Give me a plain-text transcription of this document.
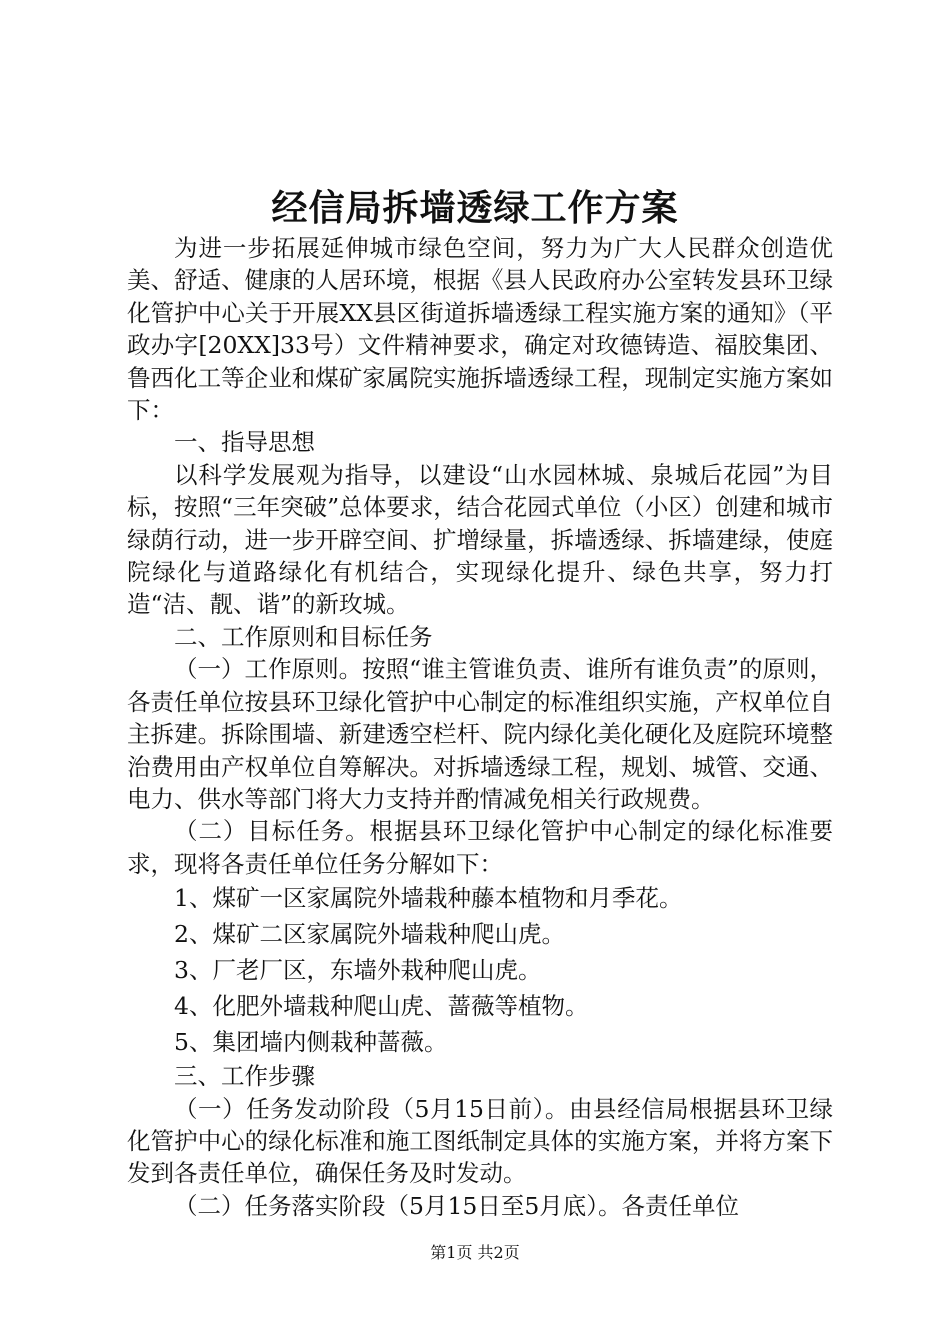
经信局拆墙透绿工作方案

为进一步拓展延伸城市绿色空间，努力为广大人民群众创造优美、舒适、健康的人居环境，根据《县人民政府办公室转发县环卫绿化管护中心关于开展XX县区街道拆墙透绿工程实施方案的通知》（平政办字[20XX]33号）文件精神要求，确定对玫德铸造、福胶集团、鲁西化工等企业和煤矿家属院实施拆墙透绿工程，现制定实施方案如下：

一、指导思想

以科学发展观为指导，以建设“山水园林城、泉城后花园”为目标，按照“三年突破”总体要求，结合花园式单位（小区）创建和城市绿荫行动，进一步开辟空间、扩增绿量，拆墙透绿、拆墙建绿，使庭院绿化与道路绿化有机结合，实现绿化提升、绿色共享，努力打造“洁、靓、谐”的新玫城。

二、工作原则和目标任务

（一）工作原则。按照“谁主管谁负责、谁所有谁负责”的原则，各责任单位按县环卫绿化管护中心制定的标准组织实施，产权单位自主拆建。拆除围墙、新建透空栏杆、院内绿化美化硬化及庭院环境整治费用由产权单位自筹解决。对拆墙透绿工程，规划、城管、交通、电力、供水等部门将大力支持并酌情减免相关行政规费。

（二）目标任务。根据县环卫绿化管护中心制定的绿化标准要求，现将各责任单位任务分解如下：

1、煤矿一区家属院外墙栽种藤本植物和月季花。

2、煤矿二区家属院外墙栽种爬山虎。

3、厂老厂区，东墙外栽种爬山虎。

4、化肥外墙栽种爬山虎、蔷薇等植物。

5、集团墙内侧栽种蔷薇。

三、工作步骤

（一）任务发动阶段（5月15日前）。由县经信局根据县环卫绿化管护中心的绿化标准和施工图纸制定具体的实施方案，并将方案下发到各责任单位，确保任务及时发动。

（二）任务落实阶段（5月15日至5月底）。各责任单位

第1页 共2页
